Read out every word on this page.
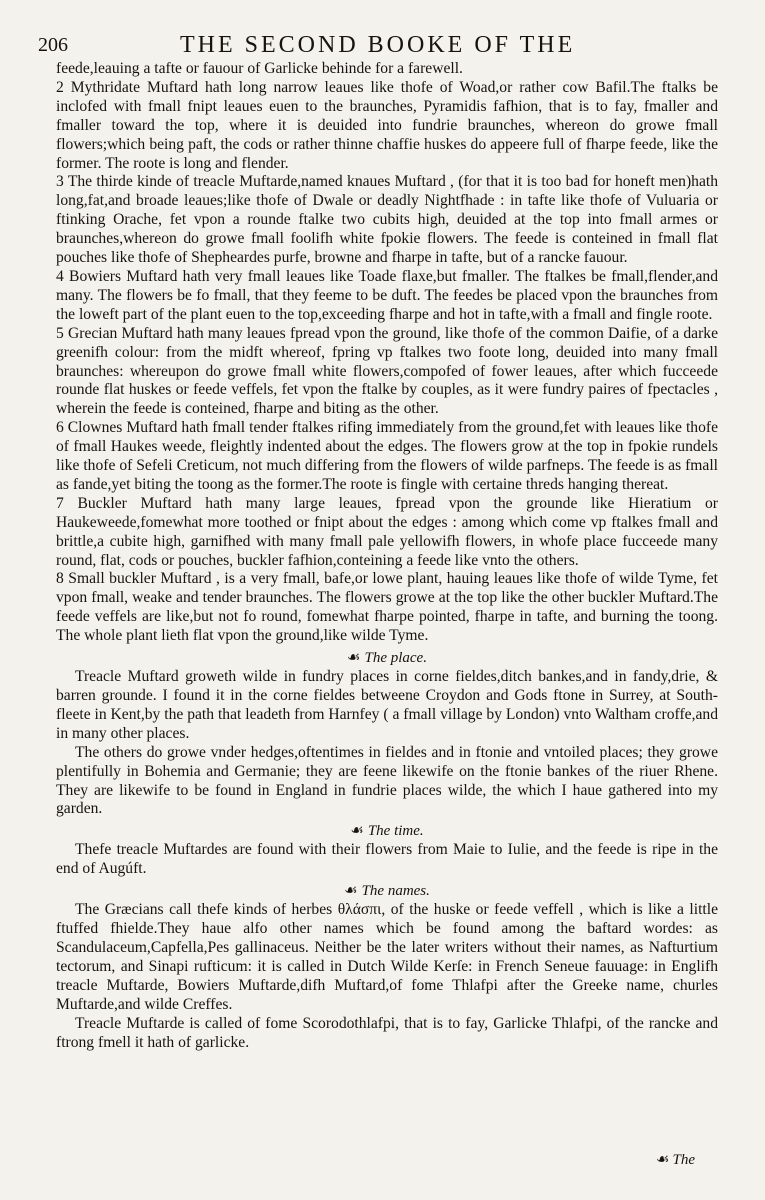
206	THE SECOND BOOKE OF THE

feede,leauing a tafte or fauour of Garlicke behinde for a farewell.

2 Mythridate Muftard hath long narrow leaues like thofe of Woad,or rather cow Bafil.The ftalks be inclofed with fmall fnipt leaues euen to the braunches, Pyramidis fafhion, that is to fay, fmaller and fmaller toward the top, where it is deuided into fundrie braunches, whereon do growe fmall flowers;which being paft, the cods or rather thinne chaffie huskes do appeere full of fharpe feede, like the former. The roote is long and flender.

3 The thirde kinde of treacle Muftarde,named knaues Muftard , (for that it is too bad for honeft men)hath long,fat,and broade leaues;like thofe of Dwale or deadly Nightfhade : in tafte like thofe of Vuluaria or ftinking Orache, fet vpon a rounde ftalke two cubits high, deuided at the top into fmall armes or braunches,whereon do growe fmall foolifh white fpokie flowers. The feede is conteined in fmall flat pouches like thofe of Shepheardes purfe, browne and fharpe in tafte, but of a rancke fauour.

4 Bowiers Muftard hath very fmall leaues like Toade flaxe,but fmaller. The ftalkes be fmall,flender,and many. The flowers be fo fmall, that they feeme to be duft. The feedes be placed vpon the braunches from the loweft part of the plant euen to the top,exceeding fharpe and hot in tafte,with a fmall and fingle roote.

5 Grecian Muftard hath many leaues fpread vpon the ground, like thofe of the common Daifie, of a darke greenifh colour: from the midft whereof, fpring vp ftalkes two foote long, deuided into many fmall braunches: whereupon do growe fmall white flowers,compofed of fower leaues, after which fucceede rounde flat huskes or feede veffels, fet vpon the ftalke by couples, as it were fundry paires of fpectacles , wherein the feede is conteined, fharpe and biting as the other.

6 Clownes Muftard hath fmall tender ftalkes rifing immediately from the ground,fet with leaues like thofe of fmall Haukes weede, fleightly indented about the edges. The flowers grow at the top in fpokie rundels like thofe of Sefeli Creticum, not much differing from the flowers of wilde parfneps. The feede is as fmall as fande,yet biting the toong as the former.The roote is fingle with certaine threds hanging thereat.

7 Buckler Muftard hath many large leaues, fpread vpon the grounde like Hieratium or Haukeweede,fomewhat more toothed or fnipt about the edges : among which come vp ftalkes fmall and brittle,a cubite high, garnifhed with many fmall pale yellowifh flowers, in whofe place fucceede many round, flat, cods or pouches, buckler fafhion,conteining a feede like vnto the others.

8 Small buckler Muftard , is a very fmall, bafe,or lowe plant, hauing leaues like thofe of wilde Tyme, fet vpon fmall, weake and tender braunches. The flowers growe at the top like the other buckler Muftard.The feede veffels are like,but not fo round, fomewhat fharpe pointed, fharpe in tafte, and burning the toong. The whole plant lieth flat vpon the ground,like wilde Tyme.

☙ The place.

Treacle Muftard groweth wilde in fundry places in corne fieldes,ditch bankes,and in fandy,drie, & barren grounde. I found it in the corne fieldes betweene Croydon and Gods ftone in Surrey, at South-fleete in Kent,by the path that leadeth from Harnfey ( a fmall village by London) vnto Waltham croffe,and in many other places.

The others do growe vnder hedges,oftentimes in fieldes and in ftonie and vntoiled places; they growe plentifully in Bohemia and Germanie; they are feene likewife on the ftonie bankes of the riuer Rhene. They are likewife to be found in England in fundrie places wilde, the which I haue gathered into my garden.

☙ The time.

Thefe treacle Muftardes are found with their flowers from Maie to Iulie, and the feede is ripe in the end of Augúft.

☙ The names.

The Græcians call thefe kinds of herbes θλάσπι, of the huske or feede veffell , which is like a little ftuffed fhielde.They haue alfo other names which be found among the baftard wordes: as Scandulaceum,Capfella,Pes gallinaceus. Neither be the later writers without their names, as Nafturtium tectorum, and Sinapi rufticum: it is called in Dutch Wilde Kerſe: in French Seneue fauuage: in Englifh treacle Muftarde, Bowiers Muftarde,difh Muftard,of fome Thlafpi after the Greeke name, churles Muftarde,and wilde Creffes.

Treacle Muftarde is called of fome Scorodothlafpi, that is to fay, Garlicke Thlafpi, of the rancke and ftrong fmell it hath of garlicke.

☙ The
